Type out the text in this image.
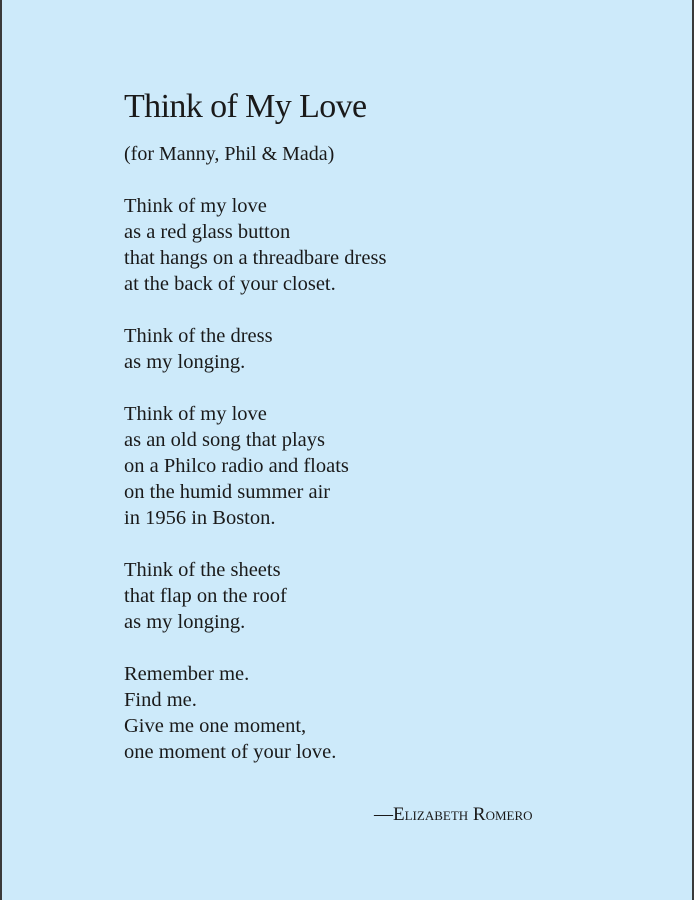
Think of My Love
(for Manny, Phil & Mada)
Think of my love
as a red glass button
that hangs on a threadbare dress
at the back of your closet.
Think of the dress
as my longing.
Think of my love
as an old song that plays
on a Philco radio and floats
on the humid summer air
in 1956 in Boston.
Think of the sheets
that flap on the roof
as my longing.
Remember me.
Find me.
Give me one moment,
one moment of your love.
—Elizabeth Romero
